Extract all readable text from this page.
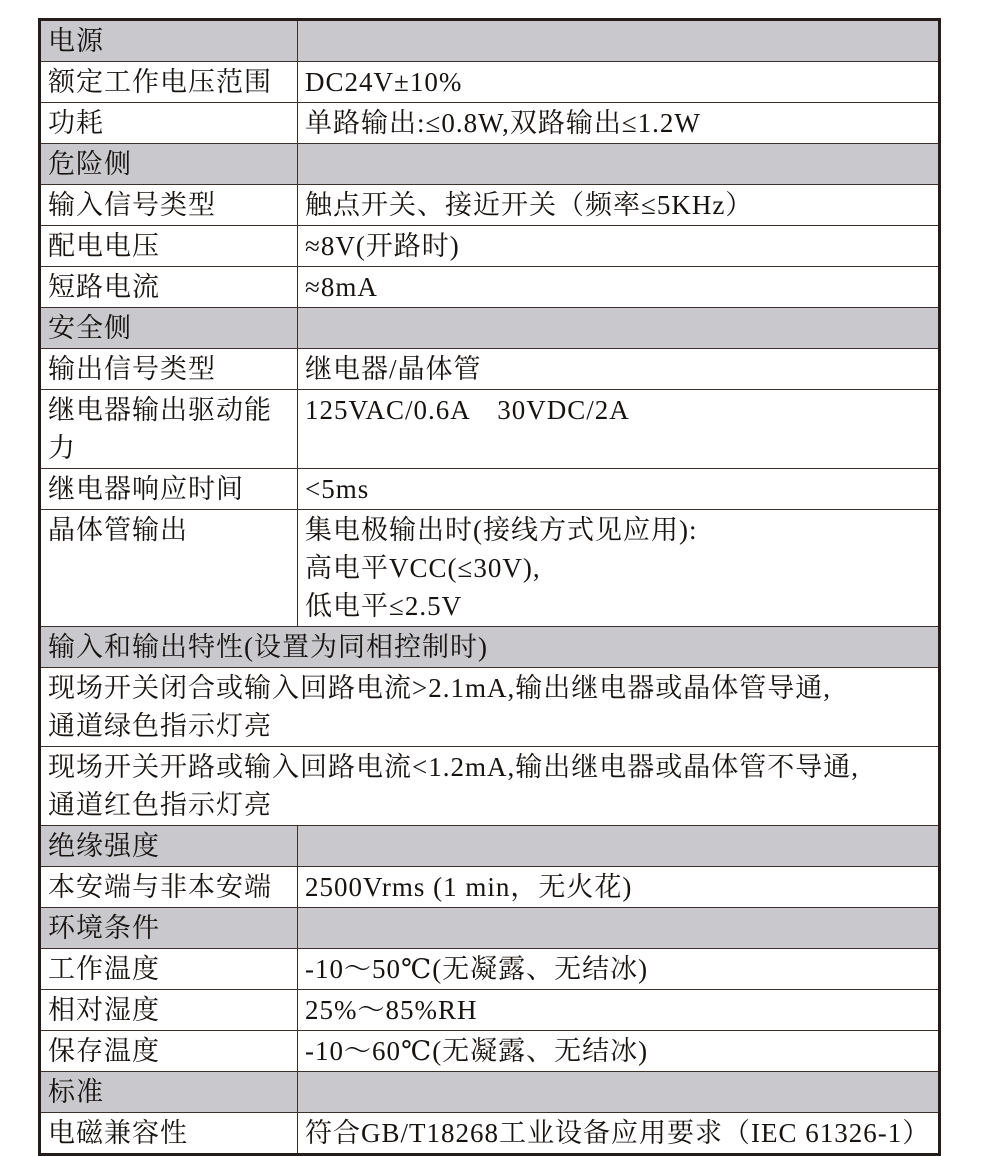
电源	
额定工作电压范围	DC24V±10%
功耗	单路输出:≤0.8W,双路输出≤1.2W
危险侧	
输入信号类型	触点开关、接近开关（频率≤5KHz）
配电电压	≈8V(开路时)
短路电流	≈8mA
安全侧	
输出信号类型	继电器/晶体管
继电器输出驱动能力	125VAC/0.6A　30VDC/2A
继电器响应时间	<5ms
晶体管输出	集电极输出时(接线方式见应用):
高电平VCC(≤30V),
低电平≤2.5V

输入和输出特性(设置为同相控制时)	

现场开关闭合或输入回路电流>2.1mA,输出继电器或晶体管导通,
通道绿色指示灯亮	

现场开关开路或输入回路电流<1.2mA,输出继电器或晶体管不导通,
通道红色指示灯亮	

绝缘强度	
本安端与非本安端	2500Vrms (1 min，无火花)
环境条件	
工作温度	-10～50℃(无凝露、无结冰)
相对湿度	25%～85%RH
保存温度	-10～60℃(无凝露、无结冰)
标准	
电磁兼容性	符合GB/T18268工业设备应用要求（IEC 61326-1）
